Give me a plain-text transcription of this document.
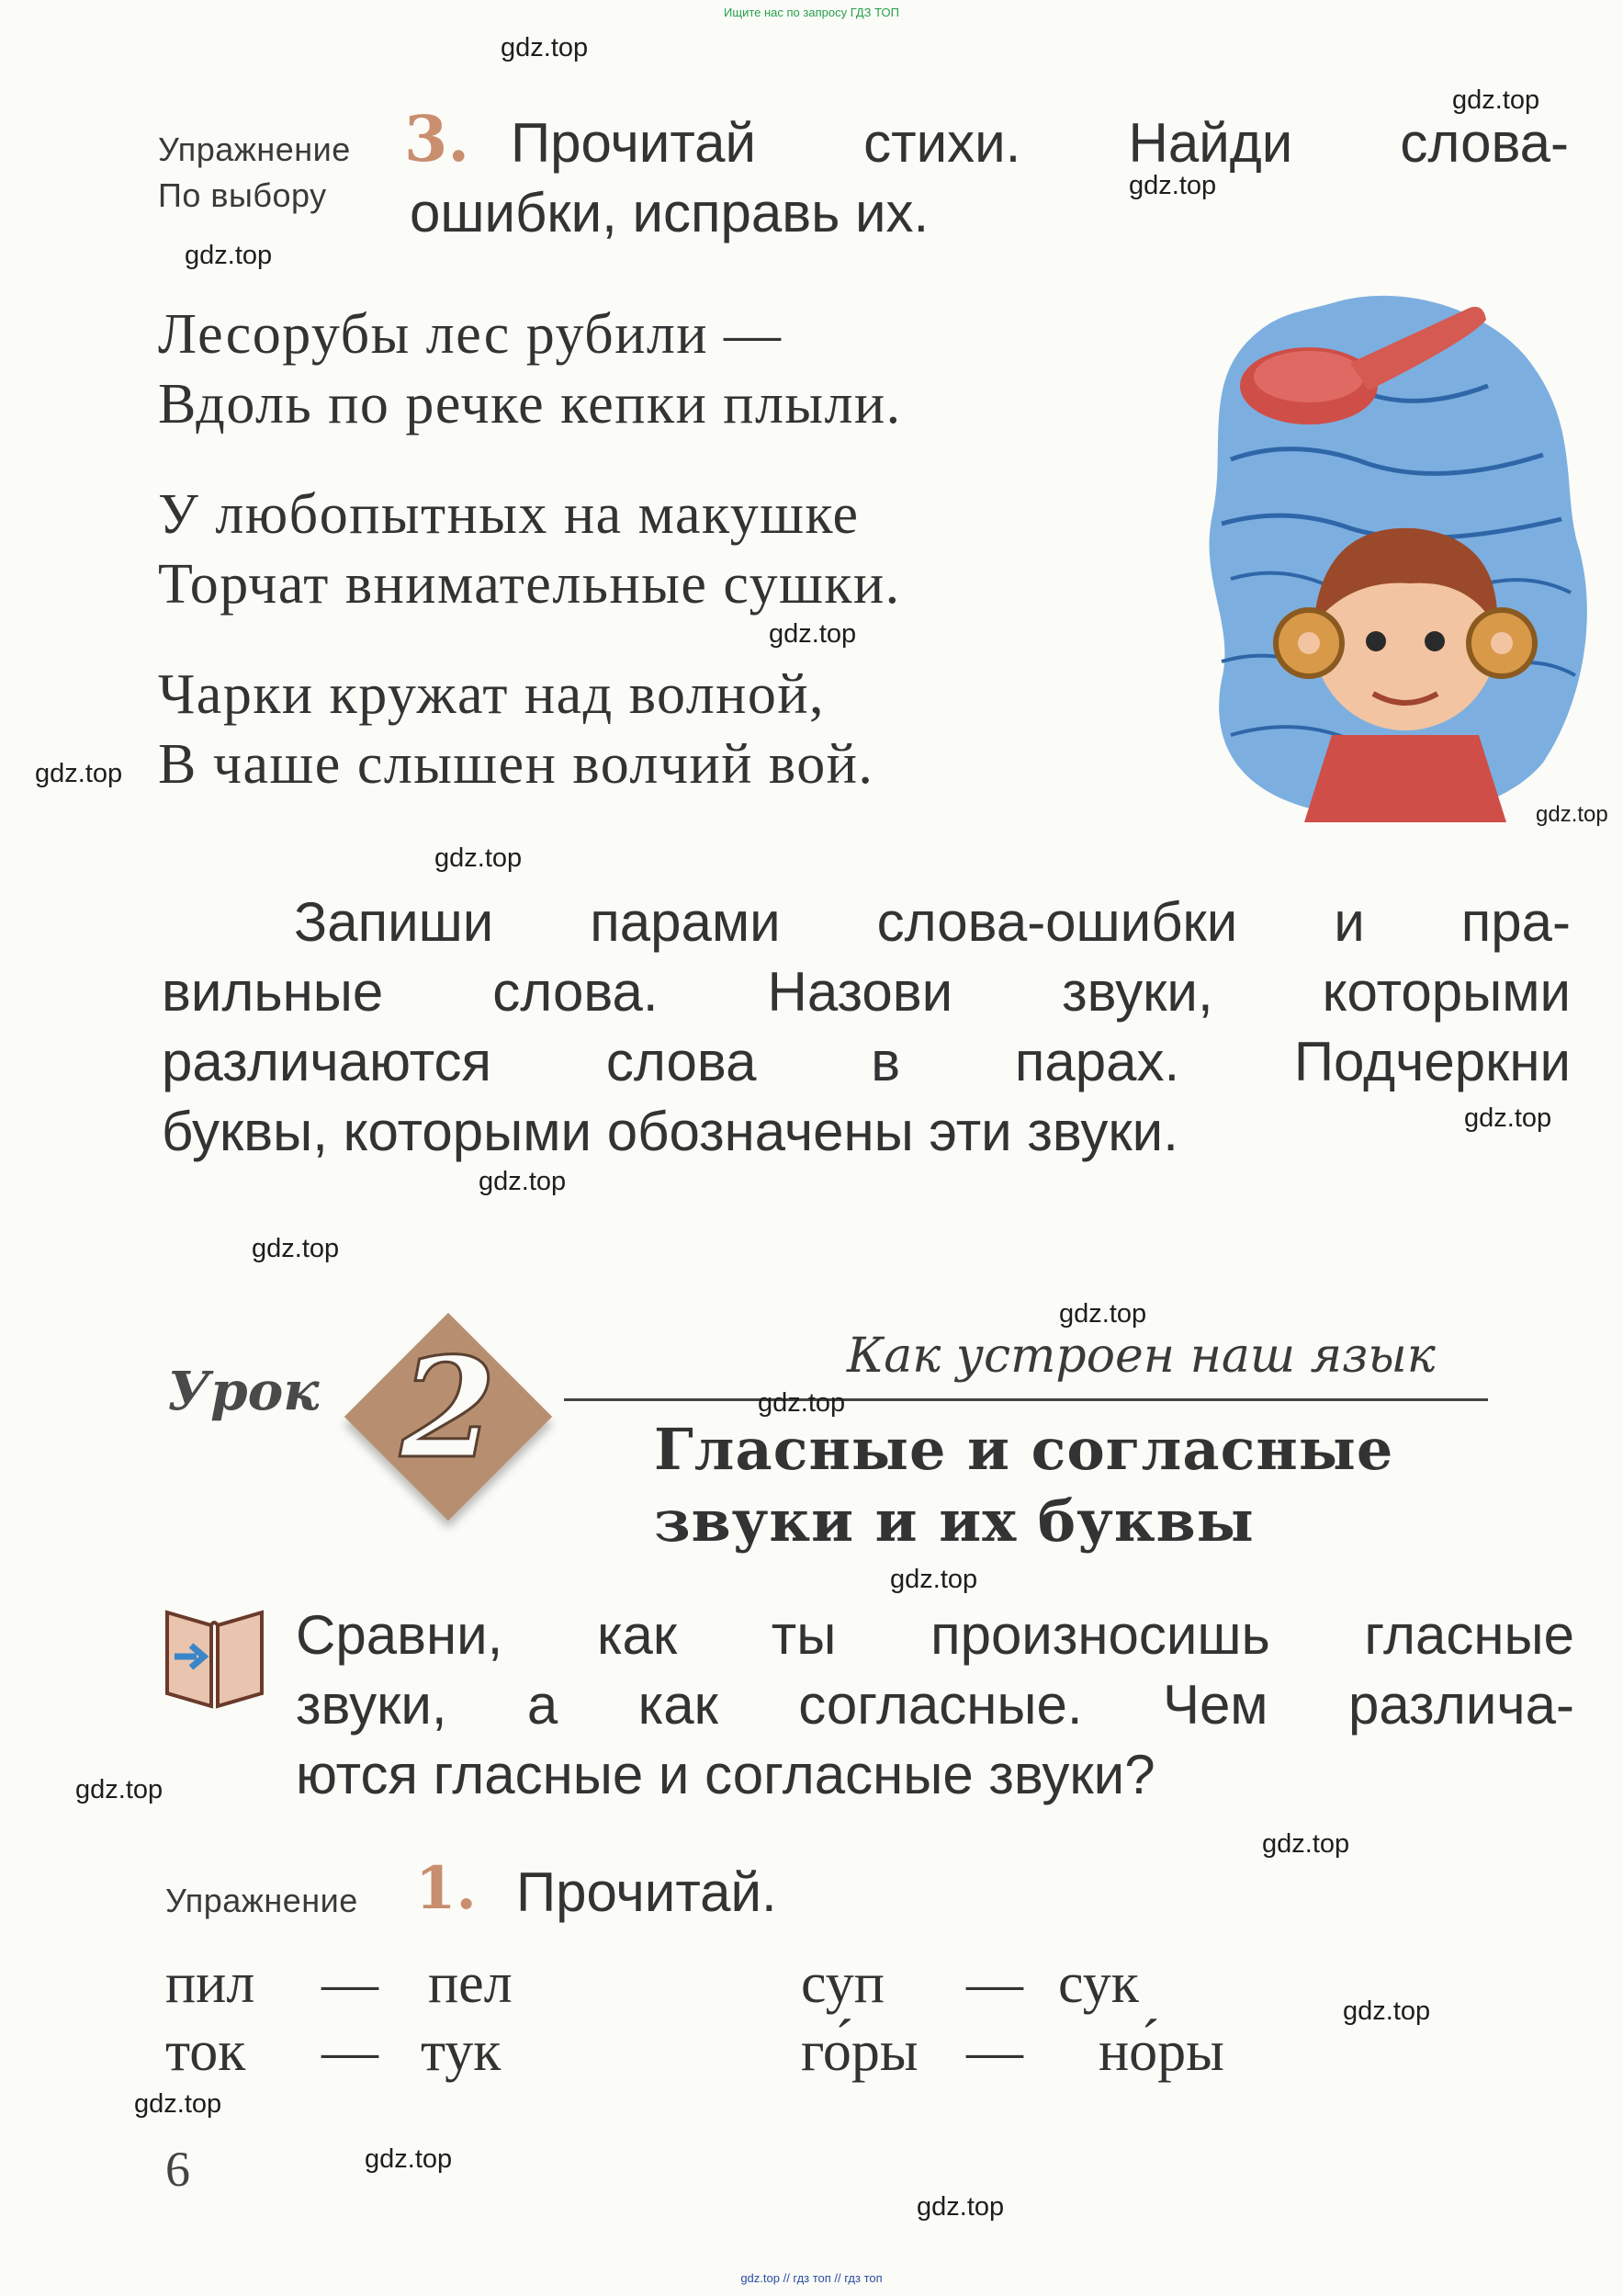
Ищите нас по запросу ГДЗ ТОП
gdz.top // гдз топ // гдз топ
Упражнение
По выбору
3. Прочитай стихи. Найди слова-
ошибки, исправь их.
Лесорубы лес рубили —
Вдоль по речке кепки плыли.
У любопытных на макушке
Торчат внимательные сушки.
Чарки кружат над волной,
В чаше слышен волчий вой.
Запиши парами слова-ошибки и пра-
вильные слова. Назови звуки, которыми
различаются слова в парах. Подчеркни
буквы, которыми обозначены эти звуки.
Урок 2	Как устроен наш язык
Гласные и согласные
звуки и их буквы
Сравни, как ты произносишь гласные
звуки, а как согласные. Чем различа-
ются гласные и согласные звуки?
Упражнение 1. Прочитай.
пил — пел
ток — тук
суп — сук
го́ры — но́ры
6
gdz.top
gdz.top
gdz.top
gdz.top
gdz.top
gdz.top
gdz.top
gdz.top
gdz.top
gdz.top
gdz.top
gdz.top
gdz.top
gdz.top
gdz.top
gdz.top
gdz.top
gdz.top
gdz.top
gdz.top
